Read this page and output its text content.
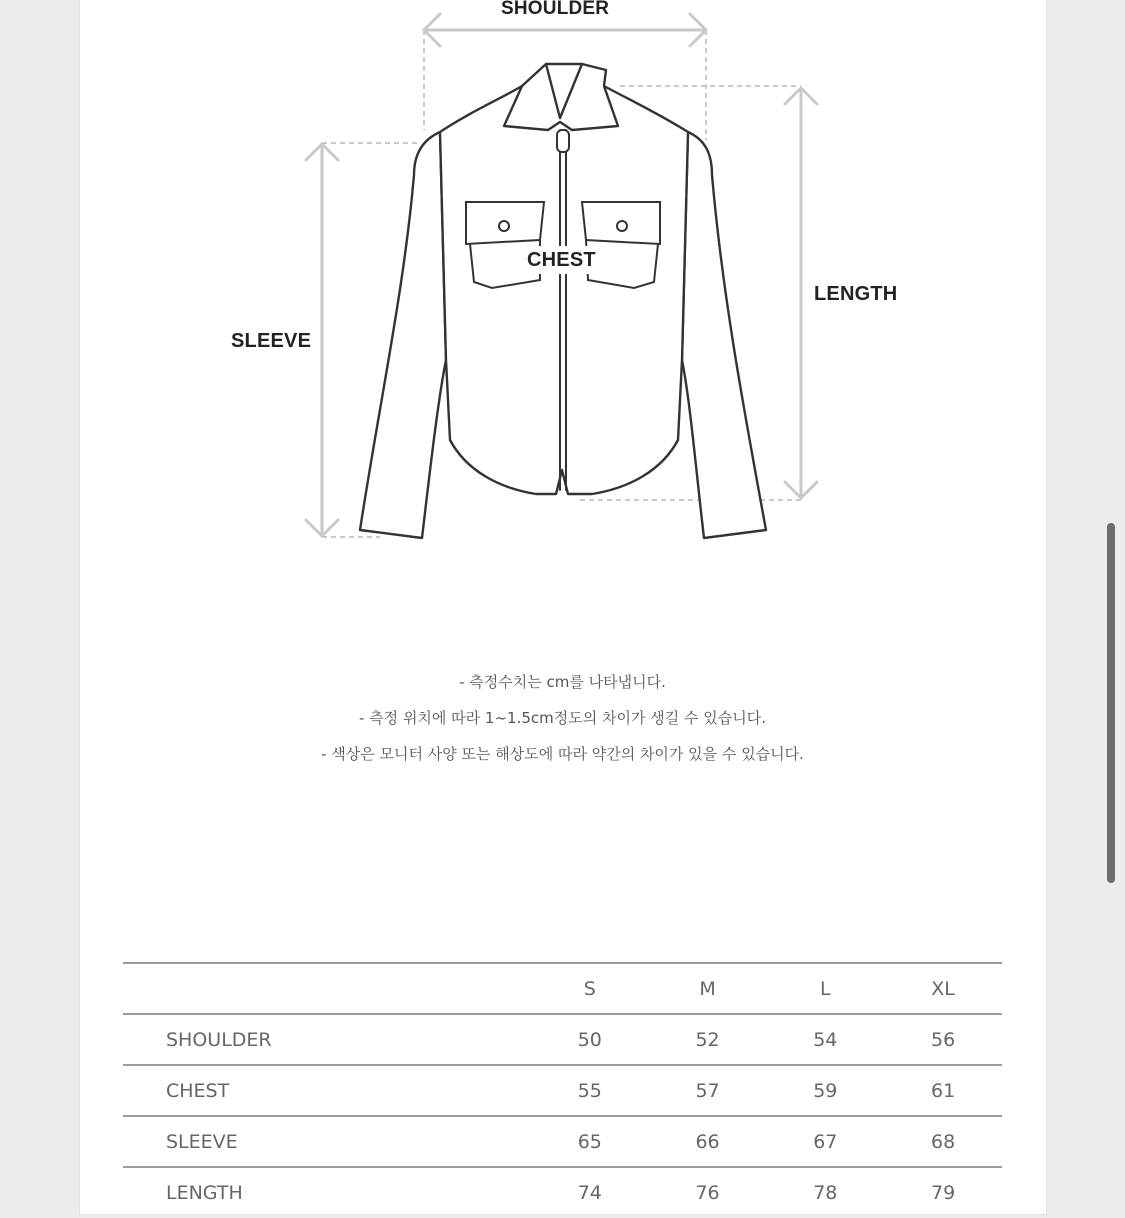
SHOULDER
CHEST
LENGTH
SLEEVE
- 측정수치는 cm를 나타냅니다.
- 측정 위치에 따라 1~1.5cm정도의 차이가 생길 수 있습니다.
- 색상은 모니터 사양 또는 해상도에 따라 약간의 차이가 있을 수 있습니다.
	S	M	L	XL
SHOULDER	50	52	54	56
CHEST	55	57	59	61
SLEEVE	65	66	67	68
LENGTH	74	76	78	79
